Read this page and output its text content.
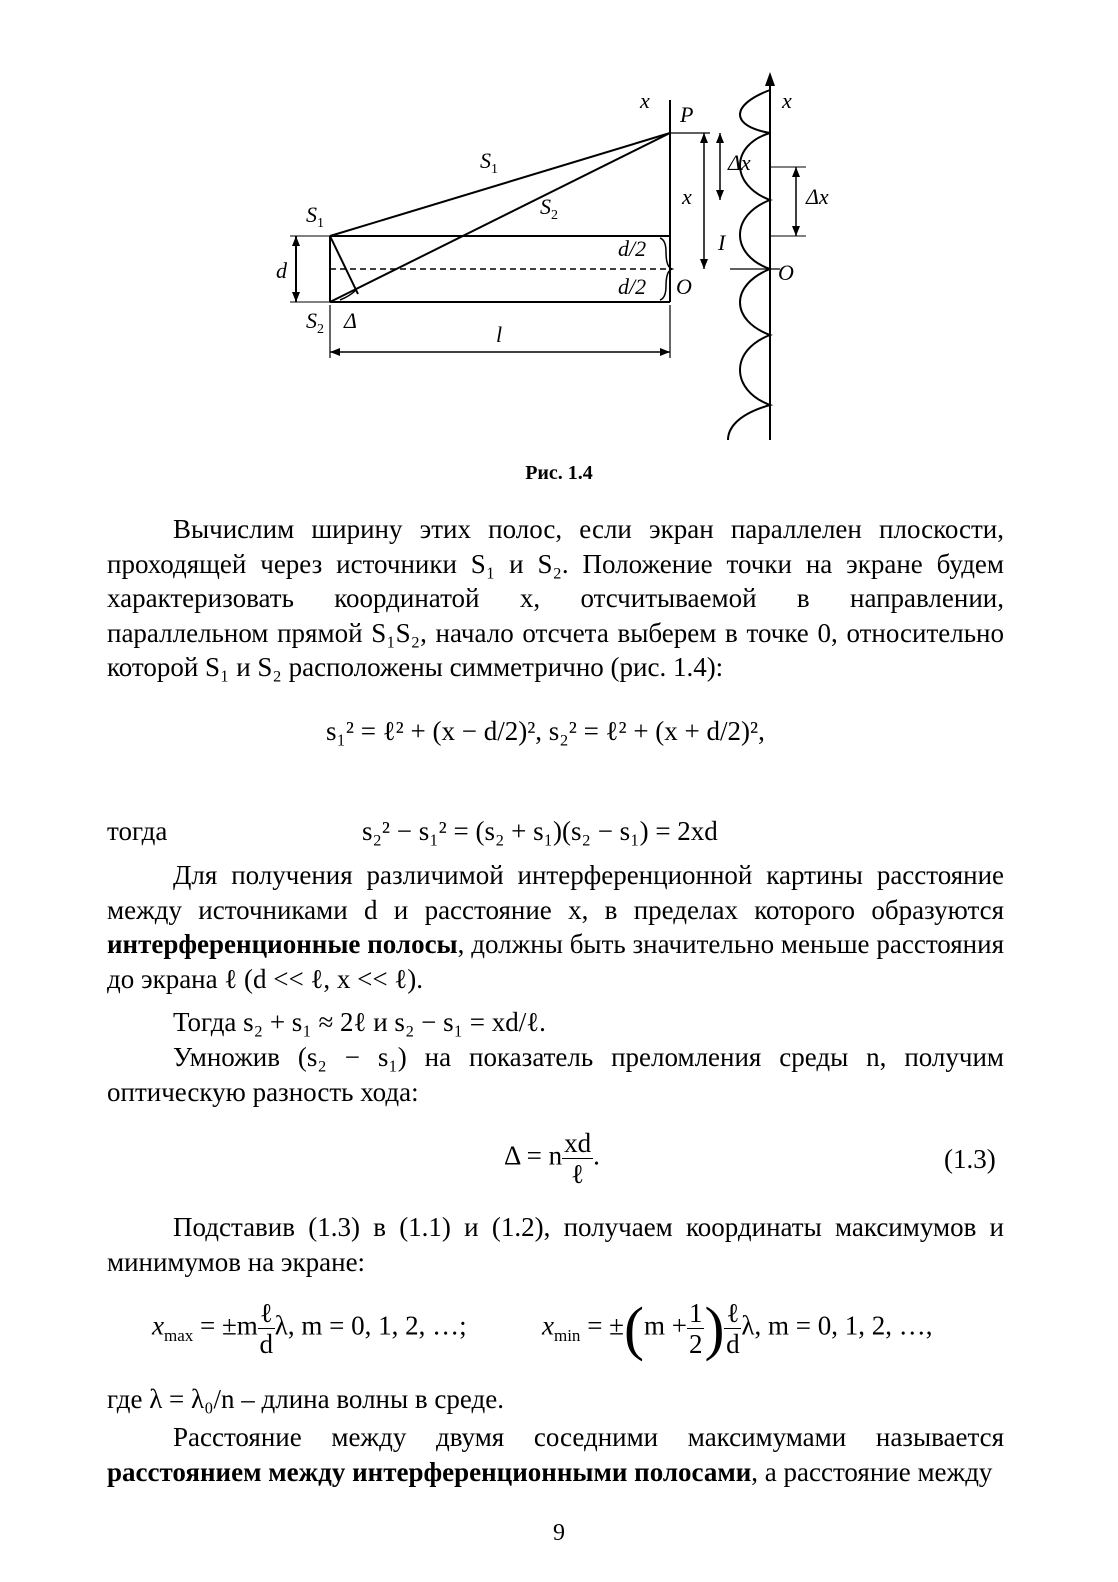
x
P
$S_1$
$S_2$
$S_1$
$S_2$
x
d/2
d/2 O
d
Δ
l
x
Δx
Δx
I
O
Рис. 1.4
Вычислим ширину этих полос, если экран параллелен плоскости, проходящей через источники S₁ и S₂. Положение точки на экране будем характеризовать координатой x, отсчитываемой в направлении, параллельном прямой S₁S₂, начало отсчета выберем в точке 0, относительно которой S₁ и S₂ расположены симметрично (рис. 1.4):
s₁² = ℓ² + (x − d/2)², s₂² = ℓ² + (x + d/2)²,
тогда	s₂² − s₁² = (s₂ + s₁)(s₂ − s₁) = 2xd
Для получения различимой интерференционной картины расстояние между источниками d и расстояние x, в пределах которого образуются интерференционные полосы, должны быть значительно меньше расстояния до экрана ℓ (d << ℓ, x << ℓ).
Тогда s₂ + s₁ ≈ 2ℓ и s₂ − s₁ = xd/ℓ.
Умножив (s₂ − s₁) на показатель преломления среды n, получим оптическую разность хода:
Δ = n $\frac{xd}{\text{ℓ}}$ .	(1.3)
Подставив (1.3) в (1.1) и (1.2), получаем координаты максимумов и минимумов на экране:
$x_{max} = \pm m \frac{\text{ℓ}}{d} \lambda$, m = 0, 1, 2, …;	$x_{min} = \pm(m + \frac{1}{2}$ ) $\frac{\text{ℓ}}{d} \lambda$, m = 0, 1, 2, …,
где λ = λ₀/n – длина волны в среде.
Расстояние между двумя соседними максимумами называется расстоянием между интерференционными полосами, а расстояние между
9
